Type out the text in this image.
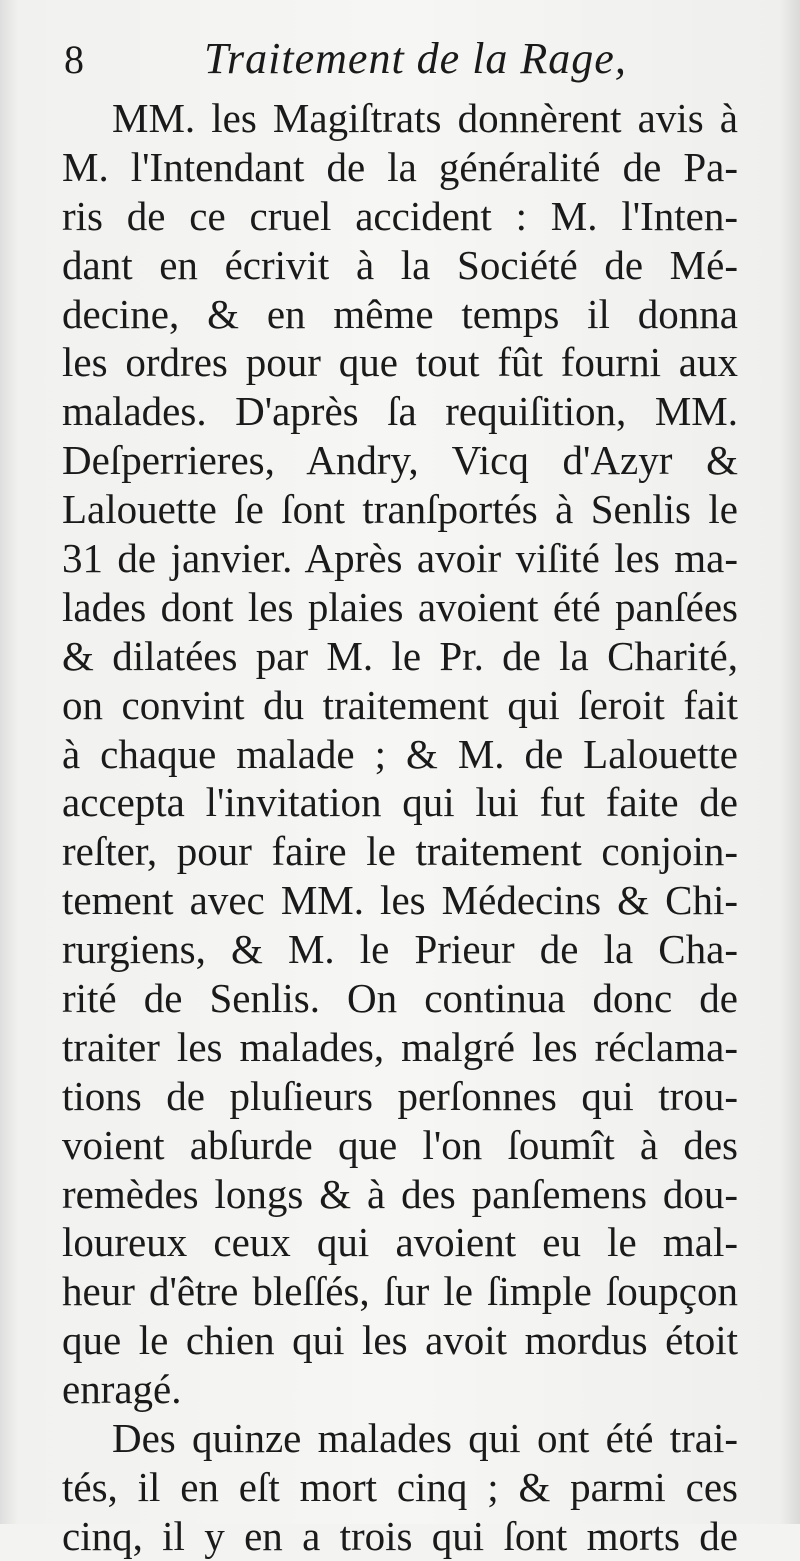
8	Traitement de la Rage,
MM. les Magiſtrats donnèrent avis à
M. l'Intendant de la généralité de Pa-
ris de ce cruel accident : M. l'Inten-
dant en écrivit à la Société de Mé-
decine, & en même temps il donna
les ordres pour que tout fût fourni aux
malades. D'après ſa requiſition, MM.
Deſperrieres, Andry, Vicq d'Azyr &
Lalouette ſe ſont tranſportés à Senlis le
31 de janvier. Après avoir viſité les ma-
lades dont les plaies avoient été panſées
& dilatées par M. le Pr. de la Charité,
on convint du traitement qui ſeroit fait
à chaque malade ; & M. de Lalouette
accepta l'invitation qui lui fut faite de
reſter, pour faire le traitement conjoin-
tement avec MM. les Médecins & Chi-
rurgiens, & M. le Prieur de la Cha-
rité de Senlis. On continua donc de
traiter les malades, malgré les réclama-
tions de pluſieurs perſonnes qui trou-
voient abſurde que l'on ſoumît à des
remèdes longs & à des panſemens dou-
loureux ceux qui avoient eu le mal-
heur d'être bleſſés, ſur le ſimple ſoupçon
que le chien qui les avoit mordus étoit
enragé.
Des quinze malades qui ont été trai-
tés, il en eſt mort cinq ; & parmi ces
cinq, il y en a trois qui ſont morts de
